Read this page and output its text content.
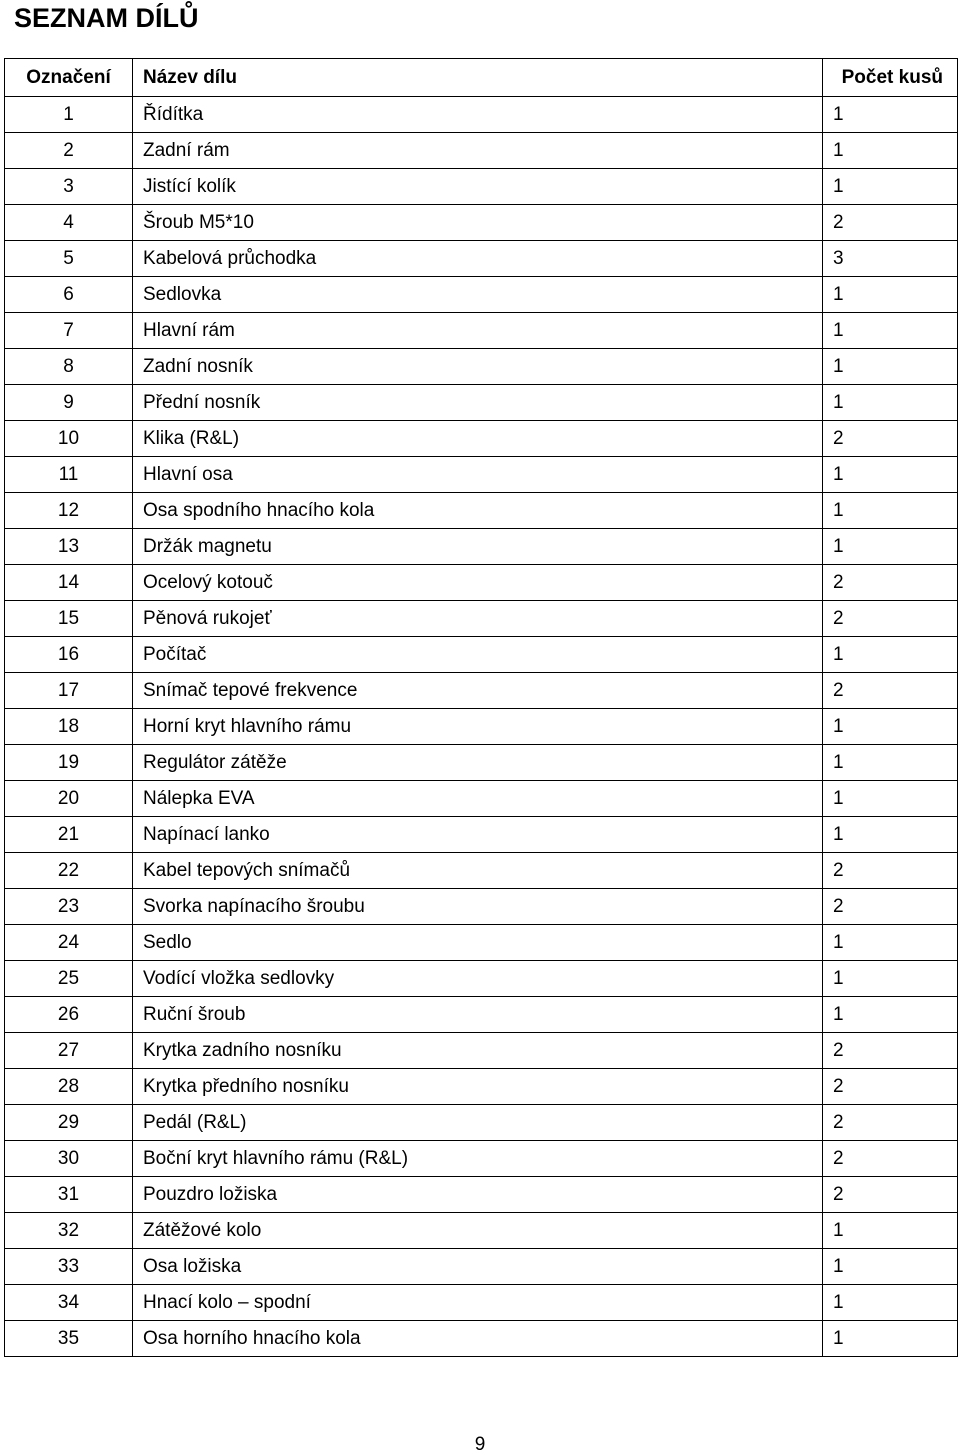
SEZNAM DÍLŮ
Označení	Název dílu	Počet kusů
1	Řídítka	1
2	Zadní rám	1
3	Jistící kolík	1
4	Šroub M5*10	2
5	Kabelová průchodka	3
6	Sedlovka	1
7	Hlavní rám	1
8	Zadní nosník	1
9	Přední nosník	1
10	Klika (R&L)	2
11	Hlavní osa	1
12	Osa spodního hnacího kola	1
13	Držák magnetu	1
14	Ocelový kotouč	2
15	Pěnová rukojeť	2
16	Počítač	1
17	Snímač tepové frekvence	2
18	Horní kryt hlavního rámu	1
19	Regulátor zátěže	1
20	Nálepka EVA	1
21	Napínací lanko	1
22	Kabel tepových snímačů	2
23	Svorka napínacího šroubu	2
24	Sedlo	1
25	Vodící vložka sedlovky	1
26	Ruční šroub	1
27	Krytka zadního nosníku	2
28	Krytka předního nosníku	2
29	Pedál (R&L)	2
30	Boční kryt hlavního rámu (R&L)	2
31	Pouzdro ložiska	2
32	Zátěžové kolo	1
33	Osa ložiska	1
34	Hnací kolo – spodní	1
35	Osa horního hnacího kola	1
9
